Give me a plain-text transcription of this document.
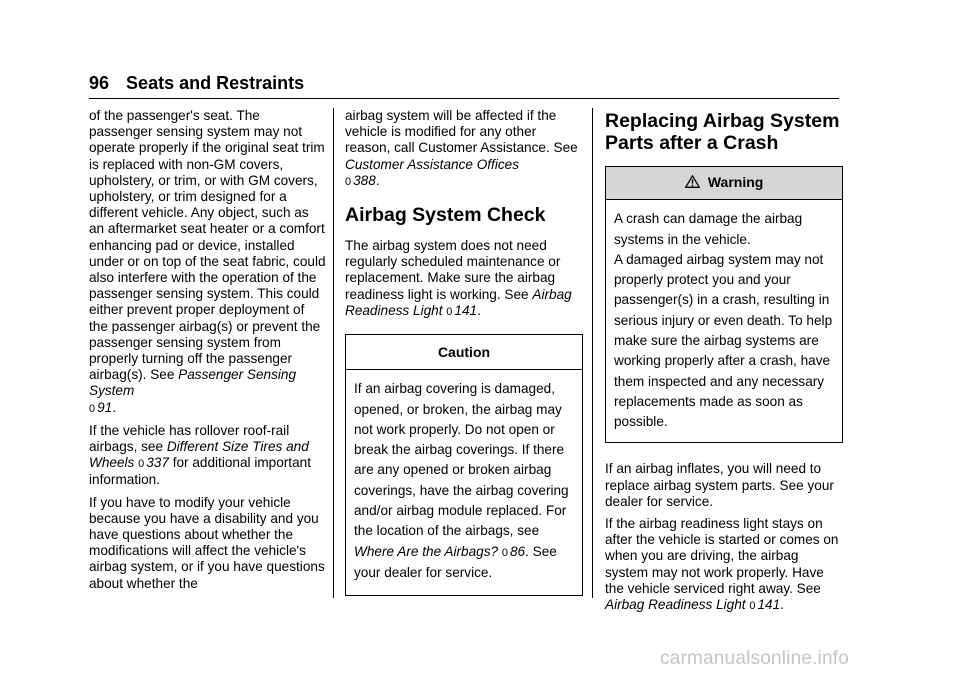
96 Seats and Restraints

of the passenger's seat. The passenger sensing system may not operate properly if the original seat trim is replaced with non-GM covers, upholstery, or trim, or with GM covers, upholstery, or trim designed for a different vehicle. Any object, such as an aftermarket seat heater or a comfort enhancing pad or device, installed under or on top of the seat fabric, could also interfere with the operation of the passenger sensing system. This could either prevent proper deployment of the passenger airbag(s) or prevent the passenger sensing system from properly turning off the passenger airbag(s). See Passenger Sensing System
0 91.

If the vehicle has rollover roof-rail airbags, see Different Size Tires and Wheels 0 337 for additional important information.

If you have to modify your vehicle because you have a disability and you have questions about whether the modifications will affect the vehicle's airbag system, or if you have questions about whether the

airbag system will be affected if the vehicle is modified for any other reason, call Customer Assistance. See Customer Assistance Offices
0 388.

Airbag System Check

The airbag system does not need regularly scheduled maintenance or replacement. Make sure the airbag readiness light is working. See Airbag Readiness Light 0 141.

Caution
If an airbag covering is damaged, opened, or broken, the airbag may not work properly. Do not open or break the airbag coverings. If there are any opened or broken airbag coverings, have the airbag covering and/or airbag module replaced. For the location of the airbags, see Where Are the Airbags? 0 86. See your dealer for service.
Replacing Airbag System Parts after a Crash
Warning
A crash can damage the airbag systems in the vehicle.
A damaged airbag system may not properly protect you and your passenger(s) in a crash, resulting in serious injury or even death. To help make sure the airbag systems are working properly after a crash, have them inspected and any necessary replacements made as soon as possible.

If an airbag inflates, you will need to replace airbag system parts. See your dealer for service.

If the airbag readiness light stays on after the vehicle is started or comes on when you are driving, the airbag system may not work properly. Have the vehicle serviced right away. See Airbag Readiness Light 0 141.

carmanualsonline.info
